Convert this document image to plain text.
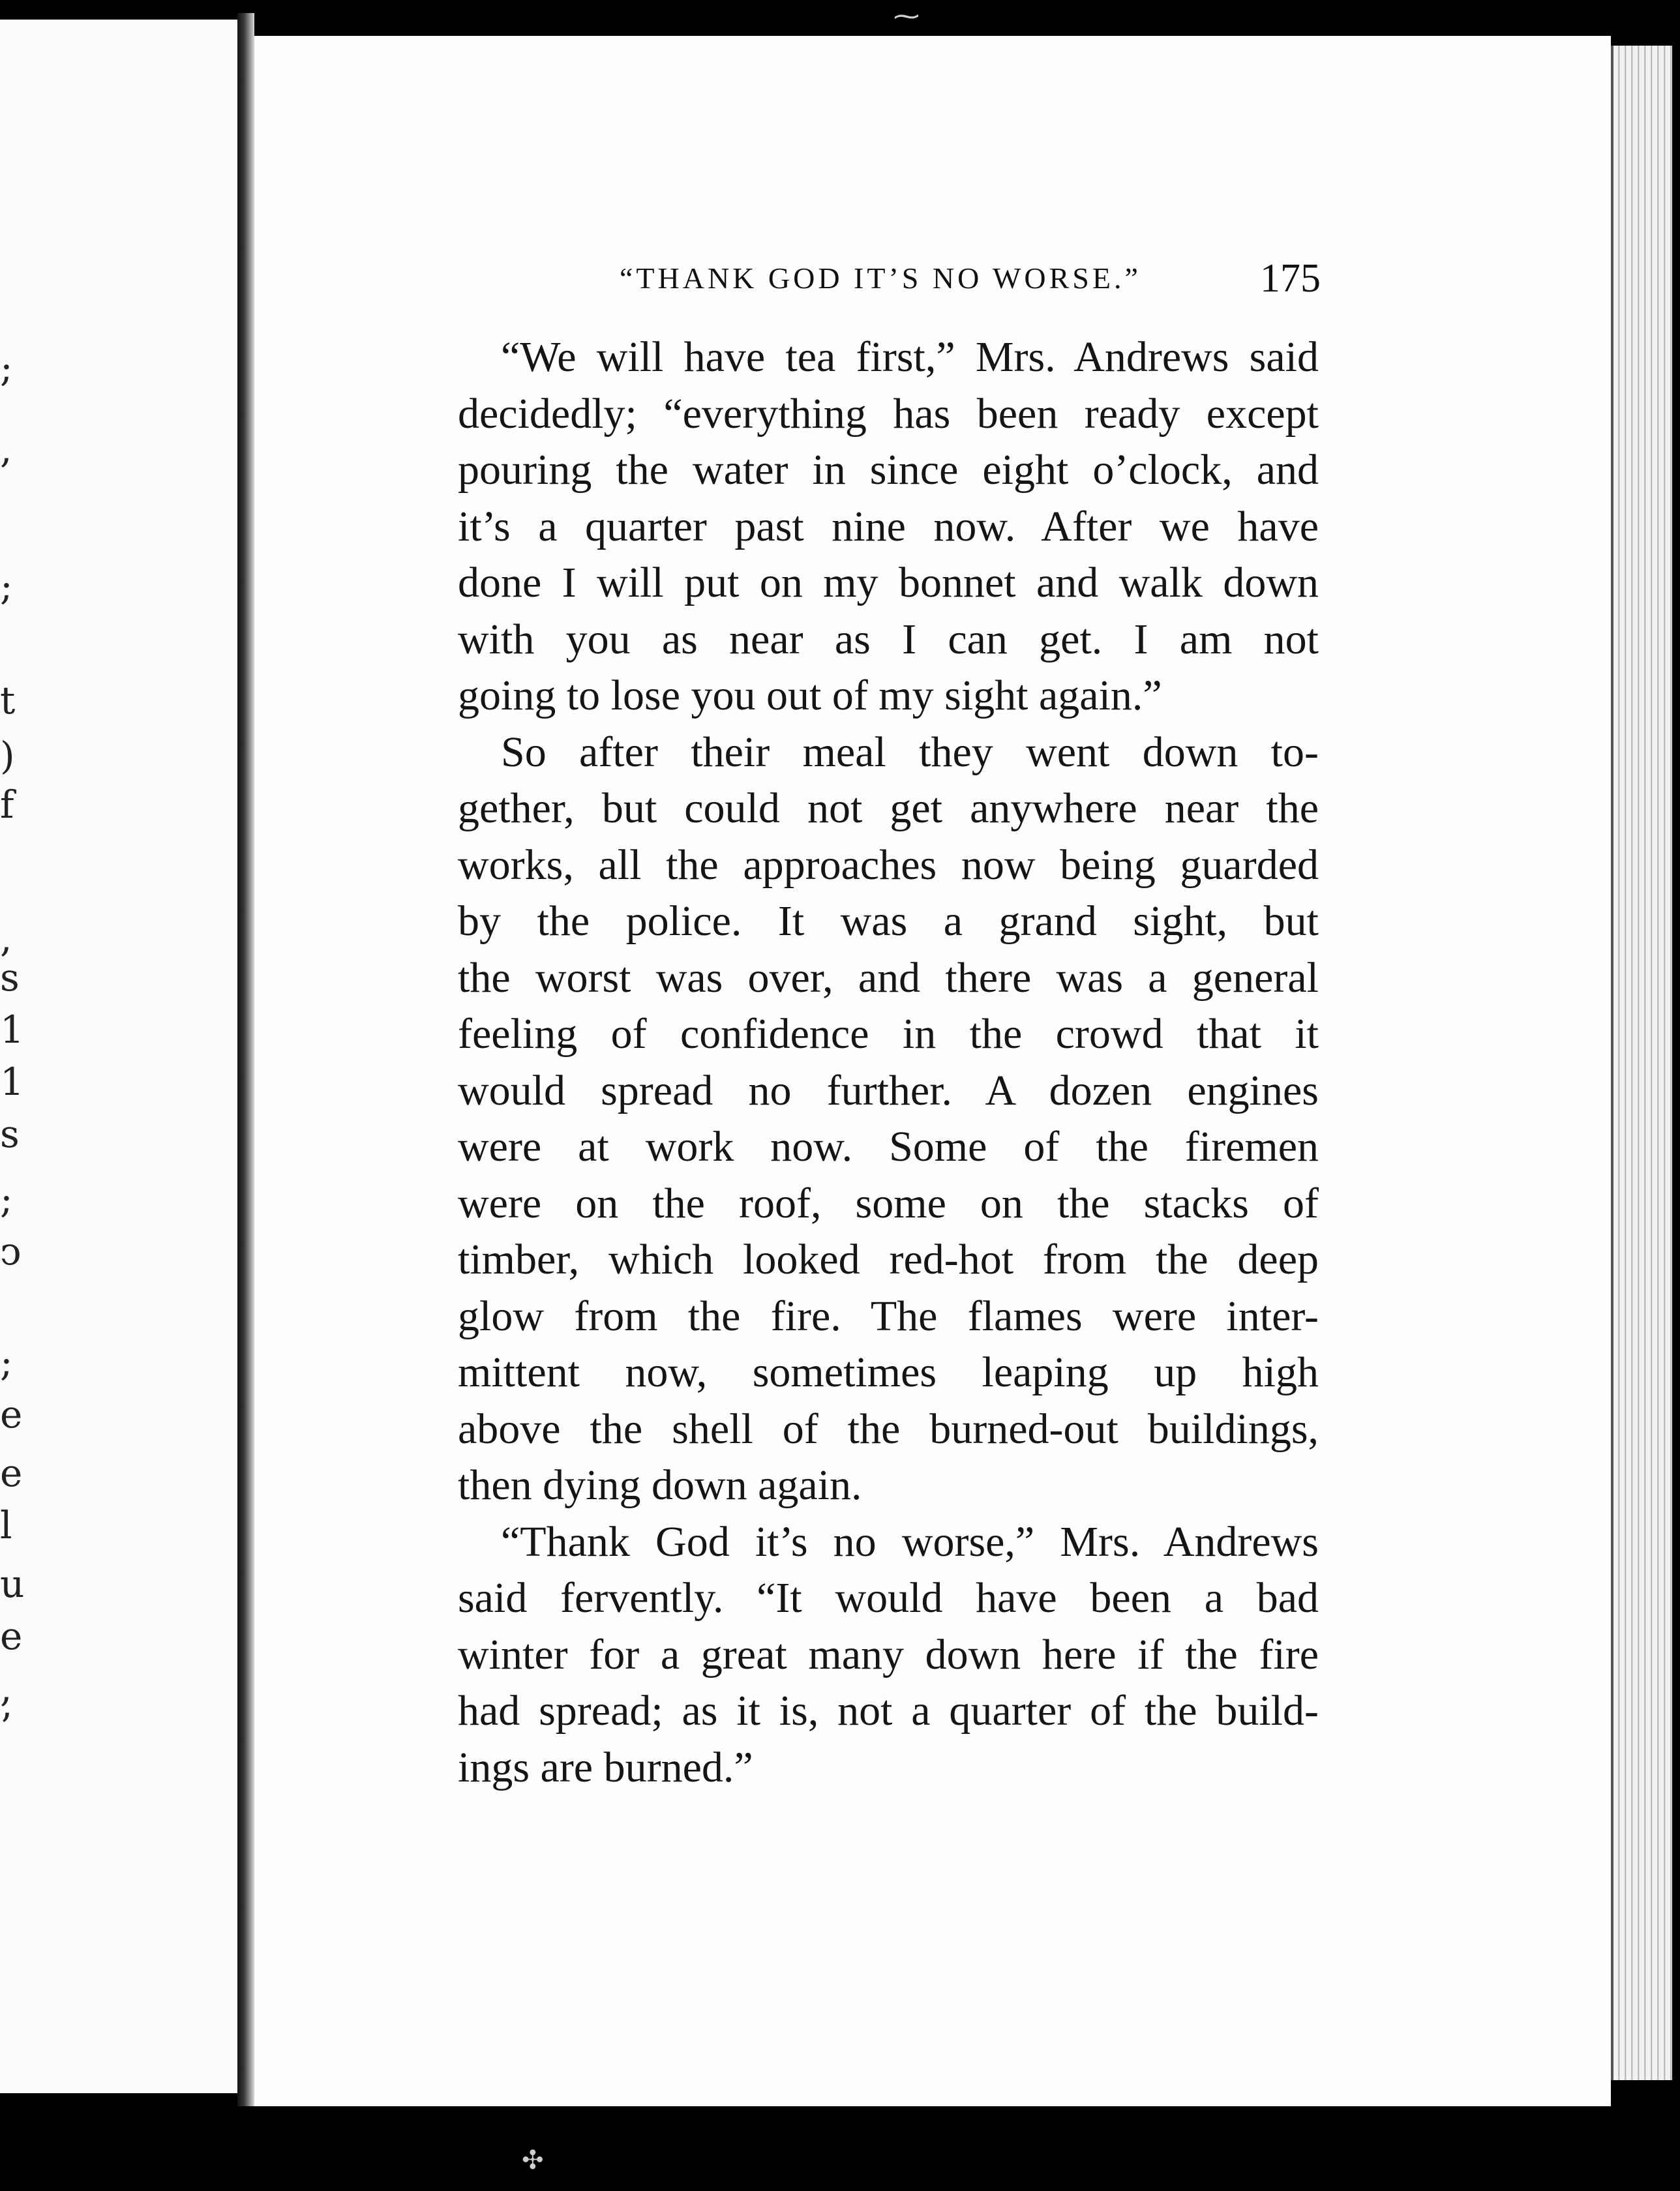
;
,
;
t
)
f
,
s
1
1
s
;
ↄ
;
e
e
l
u
e
,
’
“THANK GOD IT’S NO WORSE.”	175
“We will have tea first,” Mrs. Andrews said
decidedly; “everything has been ready except
pouring the water in since eight o’clock, and
it’s a quarter past nine now. After we have
done I will put on my bonnet and walk down
with you as near as I can get. I am not
going to lose you out of my sight again.”
So after their meal they went down to-
gether, but could not get anywhere near the
works, all the approaches now being guarded
by the police. It was a grand sight, but
the worst was over, and there was a general
feeling of confidence in the crowd that it
would spread no further. A dozen engines
were at work now. Some of the firemen
were on the roof, some on the stacks of
timber, which looked red-hot from the deep
glow from the fire. The flames were inter-
mittent now, sometimes leaping up high
above the shell of the burned-out buildings,
then dying down again.
“Thank God it’s no worse,” Mrs. Andrews
said fervently. “It would have been a bad
winter for a great many down here if the fire
had spread; as it is, not a quarter of the build-
ings are burned.”
⁓
✣
